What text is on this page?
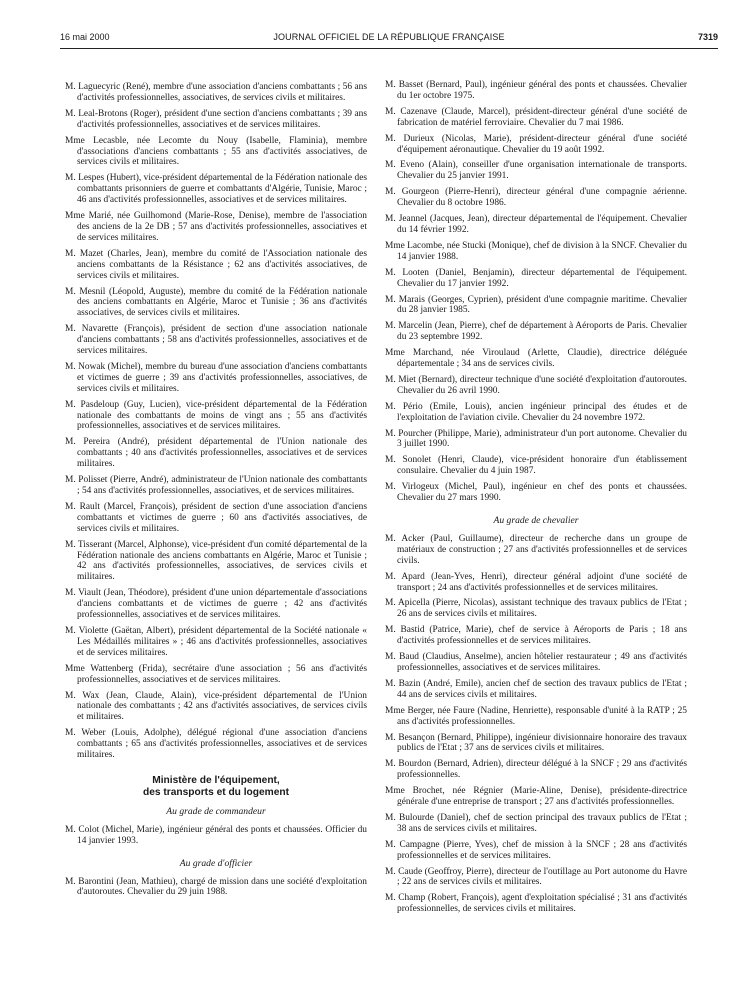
16 mai 2000	JOURNAL OFFICIEL DE LA RÉPUBLIQUE FRANÇAISE	7319

M. Laguecyric (René), membre d'une association d'anciens combattants ; 56 ans d'activités professionnelles, associatives, de services civils et militaires.

M. Leal-Brotons (Roger), président d'une section d'anciens combattants ; 39 ans d'activités professionnelles, associatives et de services militaires.

Mme Lecasble, née Lecomte du Nouy (Isabelle, Flaminia), membre d'associations d'anciens combattants ; 55 ans d'activités associatives, de services civils et militaires.

M. Lespes (Hubert), vice-président départemental de la Fédération nationale des combattants prisonniers de guerre et combattants d'Algérie, Tunisie, Maroc ; 46 ans d'activités professionnelles, associatives et de services militaires.

Mme Marié, née Guilhomond (Marie-Rose, Denise), membre de l'association des anciens de la 2e DB ; 57 ans d'activités professionnelles, associatives et de services militaires.

M. Mazet (Charles, Jean), membre du comité de l'Association nationale des anciens combattants de la Résistance ; 62 ans d'activités associatives, de services civils et militaires.

M. Mesnil (Léopold, Auguste), membre du comité de la Fédération nationale des anciens combattants en Algérie, Maroc et Tunisie ; 36 ans d'activités associatives, de services civils et militaires.

M. Navarette (François), président de section d'une association nationale d'anciens combattants ; 58 ans d'activités professionnelles, associatives et de services militaires.

M. Nowak (Michel), membre du bureau d'une association d'anciens combattants et victimes de guerre ; 39 ans d'activités professionnelles, associatives, de services civils et militaires.

M. Pasdeloup (Guy, Lucien), vice-président départemental de la Fédération nationale des combattants de moins de vingt ans ; 55 ans d'activités professionnelles, associatives et de services militaires.

M. Pereira (André), président départemental de l'Union nationale des combattants ; 40 ans d'activités professionnelles, associatives et de services militaires.

M. Polisset (Pierre, André), administrateur de l'Union nationale des combattants ; 54 ans d'activités professionnelles, associatives, et de services militaires.

M. Rault (Marcel, François), président de section d'une association d'anciens combattants et victimes de guerre ; 60 ans d'activités associatives, de services civils et militaires.

M. Tisserant (Marcel, Alphonse), vice-président d'un comité départemental de la Fédération nationale des anciens combattants en Algérie, Maroc et Tunisie ; 42 ans d'activités professionnelles, associatives, de services civils et militaires.

M. Viault (Jean, Théodore), président d'une union départementale d'associations d'anciens combattants et de victimes de guerre ; 42 ans d'activités professionnelles, associatives et de services militaires.

M. Violette (Gaëtan, Albert), président départemental de la Société nationale « Les Médaillés militaires » ; 46 ans d'activités professionnelles, associatives et de services militaires.

Mme Wattenberg (Frida), secrétaire d'une association ; 56 ans d'activités professionnelles, associatives et de services militaires.

M. Wax (Jean, Claude, Alain), vice-président départemental de l'Union nationale des combattants ; 42 ans d'activités associatives, de services civils et militaires.

M. Weber (Louis, Adolphe), délégué régional d'une association d'anciens combattants ; 65 ans d'activités professionnelles, associatives et de services militaires.

Ministère de l'équipement,
des transports et du logement
Au grade de commandeur

M. Colot (Michel, Marie), ingénieur général des ponts et chaussées. Officier du 14 janvier 1993.

Au grade d'officier

M. Barontini (Jean, Mathieu), chargé de mission dans une société d'exploitation d'autoroutes. Chevalier du 29 juin 1988.

M. Basset (Bernard, Paul), ingénieur général des ponts et chaussées. Chevalier du 1er octobre 1975.

M. Cazenave (Claude, Marcel), président-directeur général d'une société de fabrication de matériel ferroviaire. Chevalier du 7 mai 1986.

M. Durieux (Nicolas, Marie), président-directeur général d'une société d'équipement aéronautique. Chevalier du 19 août 1992.

M. Eveno (Alain), conseiller d'une organisation internationale de transports. Chevalier du 25 janvier 1991.

M. Gourgeon (Pierre-Henri), directeur général d'une compagnie aérienne. Chevalier du 8 octobre 1986.

M. Jeannel (Jacques, Jean), directeur départemental de l'équipement. Chevalier du 14 février 1992.

Mme Lacombe, née Stucki (Monique), chef de division à la SNCF. Chevalier du 14 janvier 1988.

M. Looten (Daniel, Benjamin), directeur départemental de l'équipement. Chevalier du 17 janvier 1992.

M. Marais (Georges, Cyprien), président d'une compagnie maritime. Chevalier du 28 janvier 1985.

M. Marcelin (Jean, Pierre), chef de département à Aéroports de Paris. Chevalier du 23 septembre 1992.

Mme Marchand, née Viroulaud (Arlette, Claudie), directrice déléguée départementale ; 34 ans de services civils.

M. Miet (Bernard), directeur technique d'une société d'exploitation d'autoroutes. Chevalier du 26 avril 1990.

M. Pério (Emile, Louis), ancien ingénieur principal des études et de l'exploitation de l'aviation civile. Chevalier du 24 novembre 1972.

M. Pourcher (Philippe, Marie), administrateur d'un port autonome. Chevalier du 3 juillet 1990.

M. Sonolet (Henri, Claude), vice-président honoraire d'un établissement consulaire. Chevalier du 4 juin 1987.

M. Virlogeux (Michel, Paul), ingénieur en chef des ponts et chaussées. Chevalier du 27 mars 1990.

Au grade de chevalier

M. Acker (Paul, Guillaume), directeur de recherche dans un groupe de matériaux de construction ; 27 ans d'activités professionnelles et de services civils.

M. Apard (Jean-Yves, Henri), directeur général adjoint d'une société de transport ; 24 ans d'activités professionnelles et de services militaires.

M. Apicella (Pierre, Nicolas), assistant technique des travaux publics de l'Etat ; 26 ans de services civils et militaires.

M. Bastid (Patrice, Marie), chef de service à Aéroports de Paris ; 18 ans d'activités professionnelles et de services militaires.

M. Baud (Claudius, Anselme), ancien hôtelier restaurateur ; 49 ans d'activités professionnelles, associatives et de services militaires.

M. Bazin (André, Emile), ancien chef de section des travaux publics de l'Etat ; 44 ans de services civils et militaires.

Mme Berger, née Faure (Nadine, Henriette), responsable d'unité à la RATP ; 25 ans d'activités professionnelles.

M. Besançon (Bernard, Philippe), ingénieur divisionnaire honoraire des travaux publics de l'Etat ; 37 ans de services civils et militaires.

M. Bourdon (Bernard, Adrien), directeur délégué à la SNCF ; 29 ans d'activités professionnelles.

Mme Brochet, née Régnier (Marie-Aline, Denise), présidente-directrice générale d'une entreprise de transport ; 27 ans d'activités professionnelles.

M. Bulourde (Daniel), chef de section principal des travaux publics de l'Etat ; 38 ans de services civils et militaires.

M. Campagne (Pierre, Yves), chef de mission à la SNCF ; 28 ans d'activités professionnelles et de services militaires.

M. Caude (Geoffroy, Pierre), directeur de l'outillage au Port autonome du Havre ; 22 ans de services civils et militaires.

M. Champ (Robert, François), agent d'exploitation spécialisé ; 31 ans d'activités professionnelles, de services civils et militaires.
